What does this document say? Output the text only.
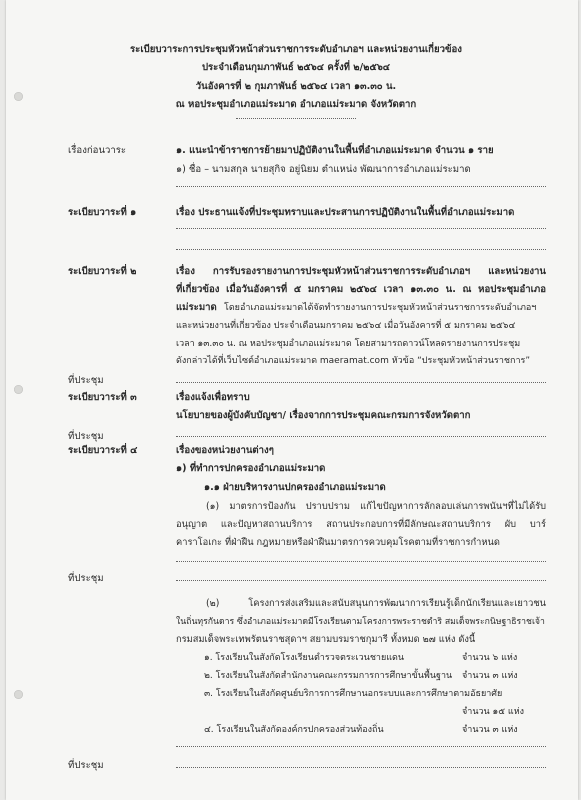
ระเบียบวาระการประชุมหัวหน้าส่วนราชการระดับอำเภอฯ และหน่วยงานเกี่ยวข้อง
ประจำเดือนกุมภาพันธ์ ๒๕๖๔ ครั้งที่ ๒/๒๕๖๔
วันอังคารที่ ๒ กุมภาพันธ์ ๒๕๖๔ เวลา ๑๓.๓๐ น.
ณ หอประชุมอำเภอแม่ระมาด อำเภอแม่ระมาด จังหวัดตาก
เรื่องก่อนวาระ	๑. แนะนำข้าราชการย้ายมาปฏิบัติงานในพื้นที่อำเภอแม่ระมาด จำนวน ๑ ราย
๑) ชื่อ – นามสกุล นายสุกิจ อยู่นิยม ตำแหน่ง พัฒนาการอำเภอแม่ระมาด
ระเบียบวาระที่ ๑	เรื่อง ประธานแจ้งที่ประชุมทราบและประสานการปฏิบัติงานในพื้นที่อำเภอแม่ระมาด
ระเบียบวาระที่ ๒	เรื่อง การรับรองรายงานการประชุมหัวหน้าส่วนราชการระดับอำเภอฯ และหน่วยงาน
ที่เกี่ยวข้อง เมื่อวันอังคารที่ ๕ มกราคม ๒๕๖๔ เวลา ๑๓.๓๐ น. ณ หอประชุมอำเภอ
แม่ระมาด โดยอำเภอแม่ระมาดได้จัดทำรายงานการประชุมหัวหน้าส่วนราชการระดับอำเภอฯ
และหน่วยงานที่เกี่ยวข้อง ประจำเดือนมกราคม ๒๕๖๔ เมื่อวันอังคารที่ ๕ มกราคม ๒๕๖๔
เวลา ๑๓.๓๐ น. ณ หอประชุมอำเภอแม่ระมาด โดยสามารถดาวน์โหลดรายงานการประชุม
ดังกล่าวได้ที่เว็บไซต์อำเภอแม่ระมาด maeramat.com หัวข้อ “ประชุมหัวหน้าส่วนราชการ”
ที่ประชุม
ระเบียบวาระที่ ๓	เรื่องแจ้งเพื่อทราบ
นโยบายของผู้บังคับบัญชา/ เรื่องจากการประชุมคณะกรมการจังหวัดตาก
ที่ประชุม
ระเบียบวาระที่ ๔	เรื่องของหน่วยงานต่างๆ
๑) ที่ทำการปกครองอำเภอแม่ระมาด
๑.๑ ฝ่ายบริหารงานปกครองอำเภอแม่ระมาด
(๑) มาตรการป้องกัน ปราบปราม แก้ไขปัญหาการลักลอบเล่นการพนันฯที่ไม่ได้รับ
อนุญาต และปัญหาสถานบริการ สถานประกอบการที่มีลักษณะสถานบริการ ผับ บาร์
คาราโอเกะ ที่ฝ่าฝืน กฎหมายหรือฝ่าฝืนมาตรการควบคุมโรคตามที่ราชการกำหนด
ที่ประชุม
(๒) โครงการส่งเสริมและสนับสนุนการพัฒนาการเรียนรู้เด็กนักเรียนและเยาวชน
ในถิ่นทุรกันดาร ซึ่งอำเภอแม่ระมาดมีโรงเรียนตามโครงการพระราชดำริ สมเด็จพระกนิษฐาธิราชเจ้า
กรมสมเด็จพระเทพรัตนราชสุดาฯ สยามบรมราชกุมารี ทั้งหมด ๒๗ แห่ง ดังนี้
๑. โรงเรียนในสังกัดโรงเรียนตำรวจตระเวนชายแดน	จำนวน ๖ แห่ง
๒. โรงเรียนในสังกัดสำนักงานคณะกรรมการการศึกษาขั้นพื้นฐาน จำนวน ๓ แห่ง
๓. โรงเรียนในสังกัดศูนย์บริการการศึกษานอกระบบและการศึกษาตามอัธยาศัย
จำนวน ๑๕ แห่ง
๔. โรงเรียนในสังกัดองค์กรปกครองส่วนท้องถิ่น	จำนวน ๓ แห่ง
ที่ประชุม
